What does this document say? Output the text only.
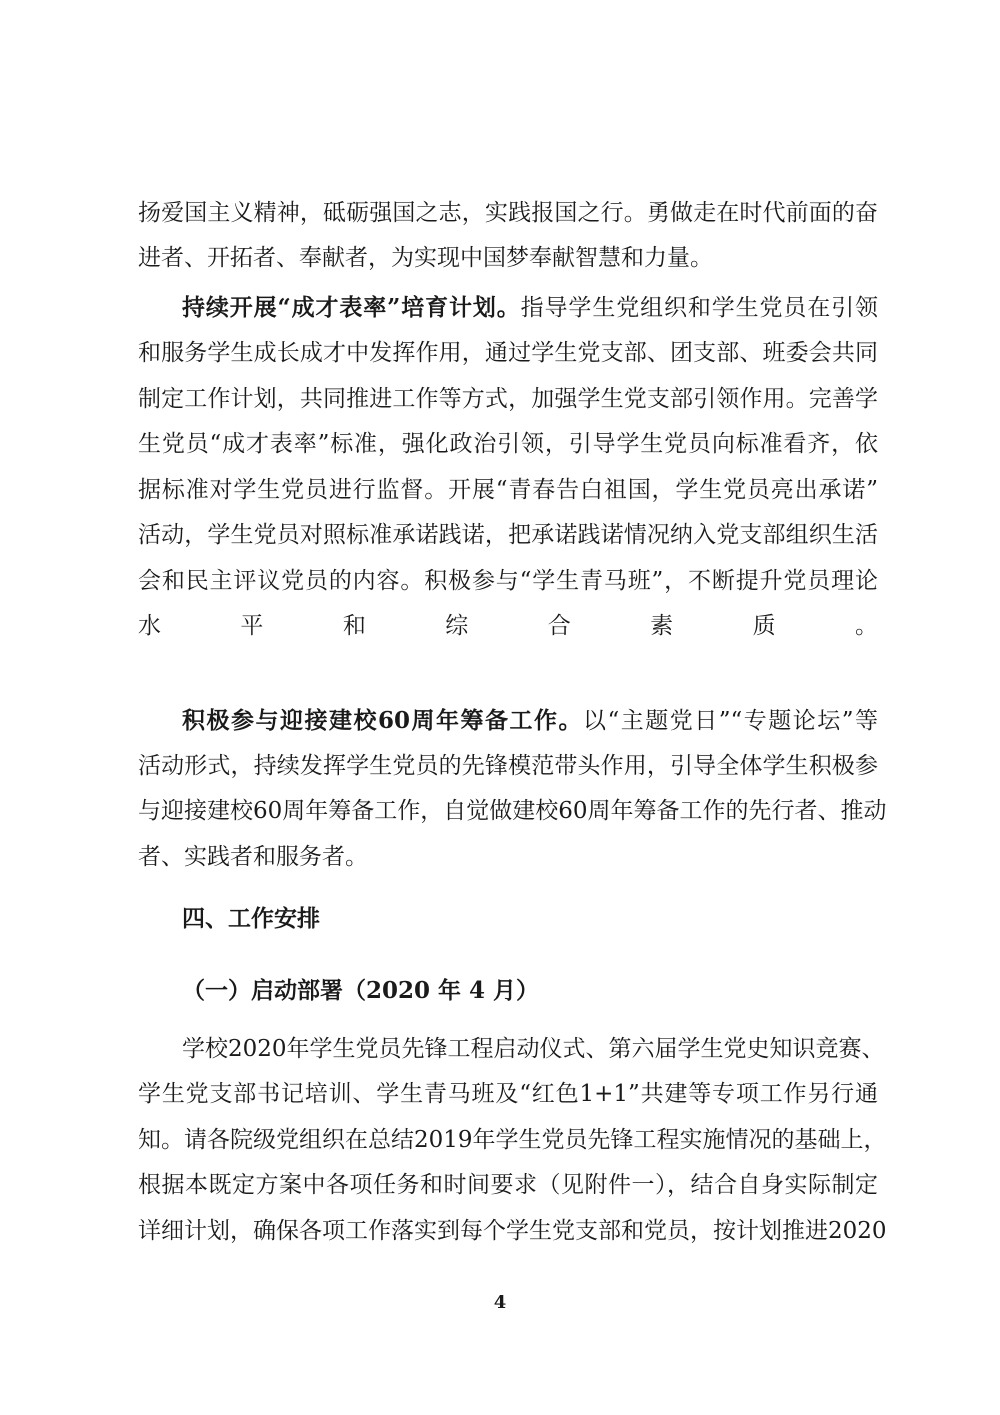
扬爱国主义精神，砥砺强国之志，实践报国之行。勇做走在时代前面的奋
进者、开拓者、奉献者，为实现中国梦奉献智慧和力量。
持续开展“成才表率”培育计划。指导学生党组织和学生党员在引领
和服务学生成长成才中发挥作用，通过学生党支部、团支部、班委会共同
制定工作计划，共同推进工作等方式，加强学生党支部引领作用。完善学
生党员“成才表率”标准，强化政治引领，引导学生党员向标准看齐，依
据标准对学生党员进行监督。开展“青春告白祖国，学生党员亮出承诺”
活动，学生党员对照标准承诺践诺，把承诺践诺情况纳入党支部组织生活
会和民主评议党员的内容。积极参与“学生青马班”，不断提升党员理论
水平和综合素质。
积极参与迎接建校60周年筹备工作。以“主题党日”“专题论坛”等
活动形式，持续发挥学生党员的先锋模范带头作用，引导全体学生积极参
与迎接建校60周年筹备工作，自觉做建校60周年筹备工作的先行者、推动
者、实践者和服务者。
四、工作安排
（一）启动部署（2020 年 4 月）
学校2020年学生党员先锋工程启动仪式、第六届学生党史知识竞赛、
学生党支部书记培训、学生青马班及“红色1+1”共建等专项工作另行通
知。请各院级党组织在总结2019年学生党员先锋工程实施情况的基础上，
根据本既定方案中各项任务和时间要求（见附件一），结合自身实际制定
详细计划，确保各项工作落实到每个学生党支部和党员，按计划推进2020
4
